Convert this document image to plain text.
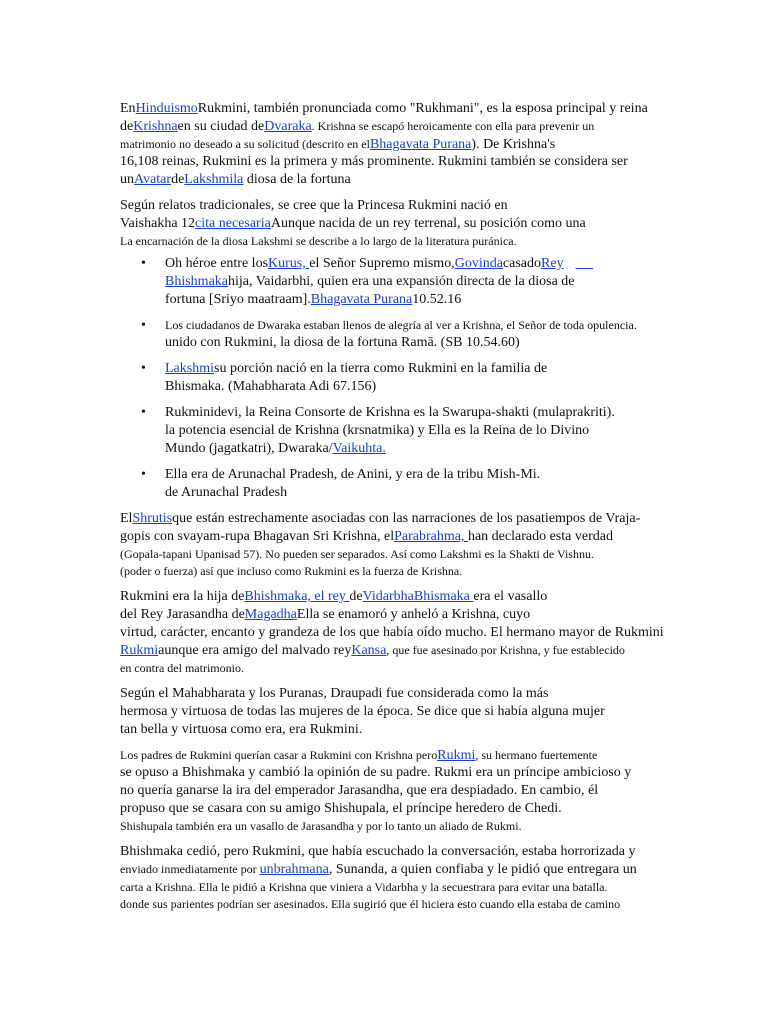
EnHinduismoRukmini, también pronunciada como "Rukhmani", es la esposa principal y reina
deKrishnaen su ciudad deDvaraka. Krishna se escapó heroicamente con ella para prevenir un
matrimonio no deseado a su solicitud (descrito en elBhagavata Purana). De Krishna's
16,108 reinas, Rukmini es la primera y más prominente. Rukmini también se considera ser
unAvatardeLakshmila diosa de la fortuna

Según relatos tradicionales, se cree que la Princesa Rukmini nació en
Vaishakha 12cita necesariaAunque nacida de un rey terrenal, su posición como una
La encarnación de la diosa Lakshmi se describe a lo largo de la literatura puránica.

• Oh héroe entre losKurus, el Señor Supremo mismo,GovindacasadoRey
Bhishmakahija, Vaidarbhi, quien era una expansión directa de la diosa de
fortuna [Sriyo maatraam].Bhagavata Purana10.52.16
• Los ciudadanos de Dwaraka estaban llenos de alegría al ver a Krishna, el Señor de toda opulencia.
unido con Rukmini, la diosa de la fortuna Ramā. (SB 10.54.60)
• Lakshmisu porción nació en la tierra como Rukmini en la familia de
Bhismaka. (Mahabharata Adi 67.156)
• Rukminidevi, la Reina Consorte de Krishna es la Swarupa-shakti (mulaprakriti).
la potencia esencial de Krishna (krsnatmika) y Ella es la Reina de lo Divino
Mundo (jagatkatri), Dwaraka/Vaikuhta.
• Ella era de Arunachal Pradesh, de Anini, y era de la tribu Mish-Mi.
de Arunachal Pradesh

ElShrutisque están estrechamente asociadas con las narraciones de los pasatiempos de Vraja-
gopis con svayam-rupa Bhagavan Sri Krishna, elParabrahma, han declarado esta verdad
(Gopala-tapani Upanisad 57). No pueden ser separados. Así como Lakshmi es la Shakti de Vishnu.
(poder o fuerza) así que incluso como Rukmini es la fuerza de Krishna.

Rukmini era la hija deBhishmaka, el rey deVidarbhaBhismaka era el vasallo
del Rey Jarasandha deMagadhaElla se enamoró y anheló a Krishna, cuyo
virtud, carácter, encanto y grandeza de los que había oído mucho. El hermano mayor de Rukmini
Rukmiaunque era amigo del malvado reyKansa, que fue asesinado por Krishna, y fue establecido
en contra del matrimonio.

Según el Mahabharata y los Puranas, Draupadi fue considerada como la más
hermosa y virtuosa de todas las mujeres de la época. Se dice que si había alguna mujer
tan bella y virtuosa como era, era Rukmini.

Los padres de Rukmini querían casar a Rukmini con Krishna peroRukmi, su hermano fuertemente
se opuso a Bhishmaka y cambió la opinión de su padre. Rukmi era un príncipe ambicioso y
no quería ganarse la ira del emperador Jarasandha, que era despiadado. En cambio, él
propuso que se casara con su amigo Shishupala, el príncipe heredero de Chedi.
Shishupala también era un vasallo de Jarasandha y por lo tanto un aliado de Rukmi.

Bhishmaka cedió, pero Rukmini, que había escuchado la conversación, estaba horrorizada y
enviado inmediatamente por unbrahmana, Sunanda, a quien confiaba y le pidió que entregara un
carta a Krishna. Ella le pidió a Krishna que viniera a Vidarbha y la secuestrara para evitar una batalla.
donde sus parientes podrían ser asesinados. Ella sugirió que él hiciera esto cuando ella estaba de camino
